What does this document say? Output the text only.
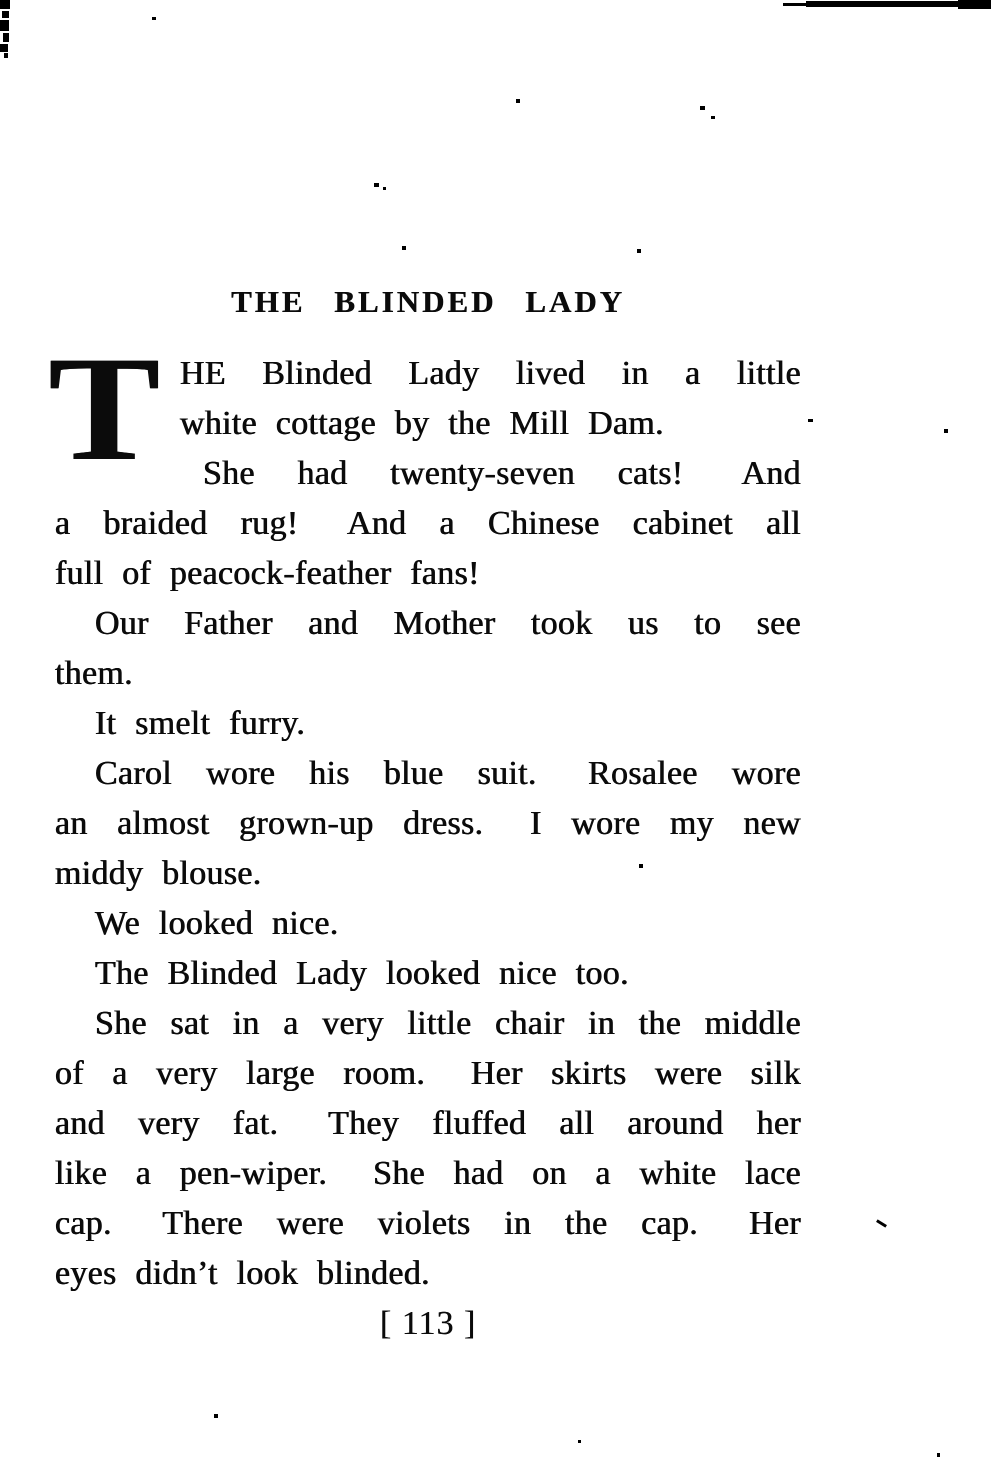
THE BLINDED LADY
T HE Blinded Lady lived in a little
white cottage by the Mill Dam.
She had twenty-seven cats!  And
a braided rug!  And a Chinese cabinet all
full of peacock-feather fans!
Our Father and Mother took us to see
them.
It smelt furry.
Carol wore his blue suit.  Rosalee wore
an almost grown-up dress.  I wore my new
middy blouse.
We looked nice.
The Blinded Lady looked nice too.
She sat in a very little chair in the middle
of a very large room.  Her skirts were silk
and very fat.  They fluffed all around her
like a pen-wiper.  She had on a white lace
cap.  There were violets in the cap.  Her
eyes didn’t look blinded.
[ 113 ]
